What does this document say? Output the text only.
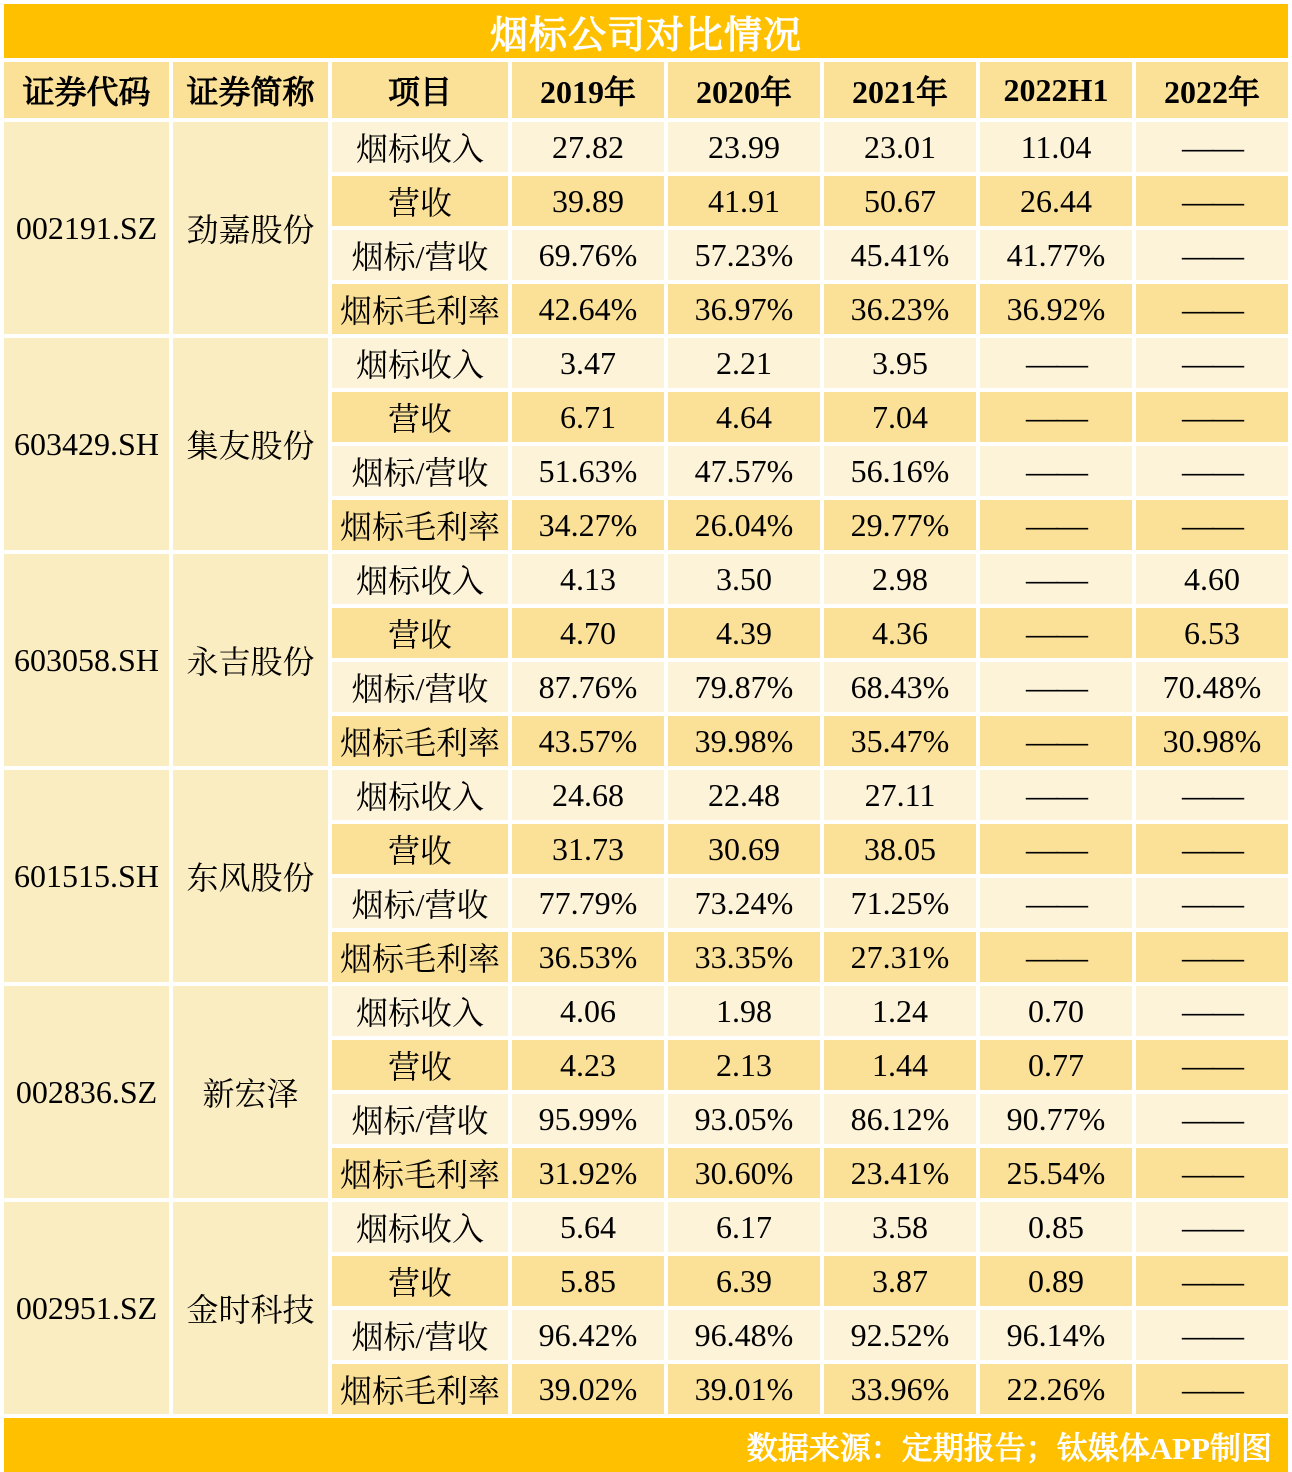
烟标公司对比情况
证券代码	证券简称	项目	2019年	2020年	2021年	2022H1	2022年
002191.SZ	劲嘉股份	烟标收入	27.82	23.99	23.01	11.04	——
		营收	39.89	41.91	50.67	26.44	——
		烟标/营收	69.76%	57.23%	45.41%	41.77%	——
		烟标毛利率	42.64%	36.97%	36.23%	36.92%	——
603429.SH	集友股份	烟标收入	3.47	2.21	3.95	——	——
		营收	6.71	4.64	7.04	——	——
		烟标/营收	51.63%	47.57%	56.16%	——	——
		烟标毛利率	34.27%	26.04%	29.77%	——	——
603058.SH	永吉股份	烟标收入	4.13	3.50	2.98	——	4.60
		营收	4.70	4.39	4.36	——	6.53
		烟标/营收	87.76%	79.87%	68.43%	——	70.48%
		烟标毛利率	43.57%	39.98%	35.47%	——	30.98%
601515.SH	东风股份	烟标收入	24.68	22.48	27.11	——	——
		营收	31.73	30.69	38.05	——	——
		烟标/营收	77.79%	73.24%	71.25%	——	——
		烟标毛利率	36.53%	33.35%	27.31%	——	——
002836.SZ	新宏泽	烟标收入	4.06	1.98	1.24	0.70	——
		营收	4.23	2.13	1.44	0.77	——
		烟标/营收	95.99%	93.05%	86.12%	90.77%	——
		烟标毛利率	31.92%	30.60%	23.41%	25.54%	——
002951.SZ	金时科技	烟标收入	5.64	6.17	3.58	0.85	——
		营收	5.85	6.39	3.87	0.89	——
		烟标/营收	96.42%	96.48%	92.52%	96.14%	——
		烟标毛利率	39.02%	39.01%	33.96%	22.26%	——
数据来源：定期报告；钛媒体APP制图
